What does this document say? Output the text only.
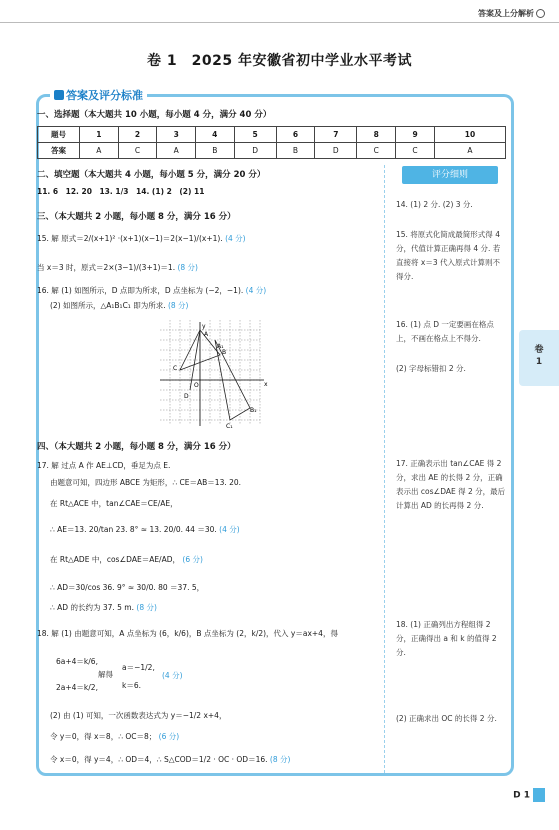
答案及上分解析
卷 1　2025 年安徽省初中学业水平考试
答案及评分标准
一、选择题（本大题共 10 小题，每小题 4 分，满分 40 分）
题号	1	2	3	4	5	6	7	8	9	10
答案	A	C	A	B	D	B	D	C	C	A
评分细则
二、填空题（本大题共 4 小题，每小题 5 分，满分 20 分）
11. 6　12. 20　13. 1/3　14. (1) 2　(2) 11
三、（本大题共 2 小题，每小题 8 分，满分 16 分）
15. 解 原式＝2/(x+1)² ·(x+1)(x−1)＝2(x−1)/(x+1). (4 分)
当 x＝3 时，原式＝2×(3−1)/(3+1)＝1. (8 分)
16. 解 (1) 如图所示，D 点即为所求，D 点坐标为 (−2，−1). (4 分)
(2) 如图所示，△A₁B₁C₁ 即为所求. (8 分)
y
x
O
A
B
C
D
A₁
B₁
C₁
四、（本大题共 2 小题，每小题 8 分，满分 16 分）
17. 解 过点 A 作 AE⊥CD，垂足为点 E.
由题意可知，四边形 ABCE 为矩形，∴ CE＝AB＝13. 20.
在 Rt△ACE 中，tan∠CAE＝CE/AE，
∴ AE＝13. 20/tan 23. 8° ≈ 13. 20/0. 44 ＝30. (4 分)
在 Rt△ADE 中，cos∠DAE＝AE/AD， (6 分)
∴ AD＝30/cos 36. 9° ≈ 30/0. 80 ＝37. 5，
∴ AD 的长约为 37. 5 m. (8 分)
18. 解 (1) 由题意可知，A 点坐标为 (6，k/6)，B 点坐标为 (2，k/2)，代入 y＝ax+4，得
6a+4＝k/6,
2a+4＝k/2,
解得
a＝−1/2,
k＝6.
(4 分)
(2) 由 (1) 可知，一次函数表达式为 y＝−1/2 x+4，
令 y＝0，得 x＝8，∴ OC＝8； (6 分)
令 x＝0，得 y＝4，∴ OD＝4，∴ S△COD＝1/2 · OC · OD＝16. (8 分)
14. (1) 2 分. (2) 3 分.
15. 将原式化简成最简形式得 4 分，代值计算正确再得 4 分. 若直接将 x＝3 代入原式计算则不得分.
16. (1) 点 D 一定要画在格点上，不画在格点上不得分.
(2) 字母标错扣 2 分.
17. 正确表示出 tan∠CAE 得 2 分，求出 AE 的长得 2 分，正确表示出 cos∠DAE 得 2 分，最后计算出 AD 的长再得 2 分.
18. (1) 正确列出方程组得 2 分，正确得出 a 和 k 的值得 2 分.
(2) 正确求出 OC 的长得 2 分.
卷
1
D 1
